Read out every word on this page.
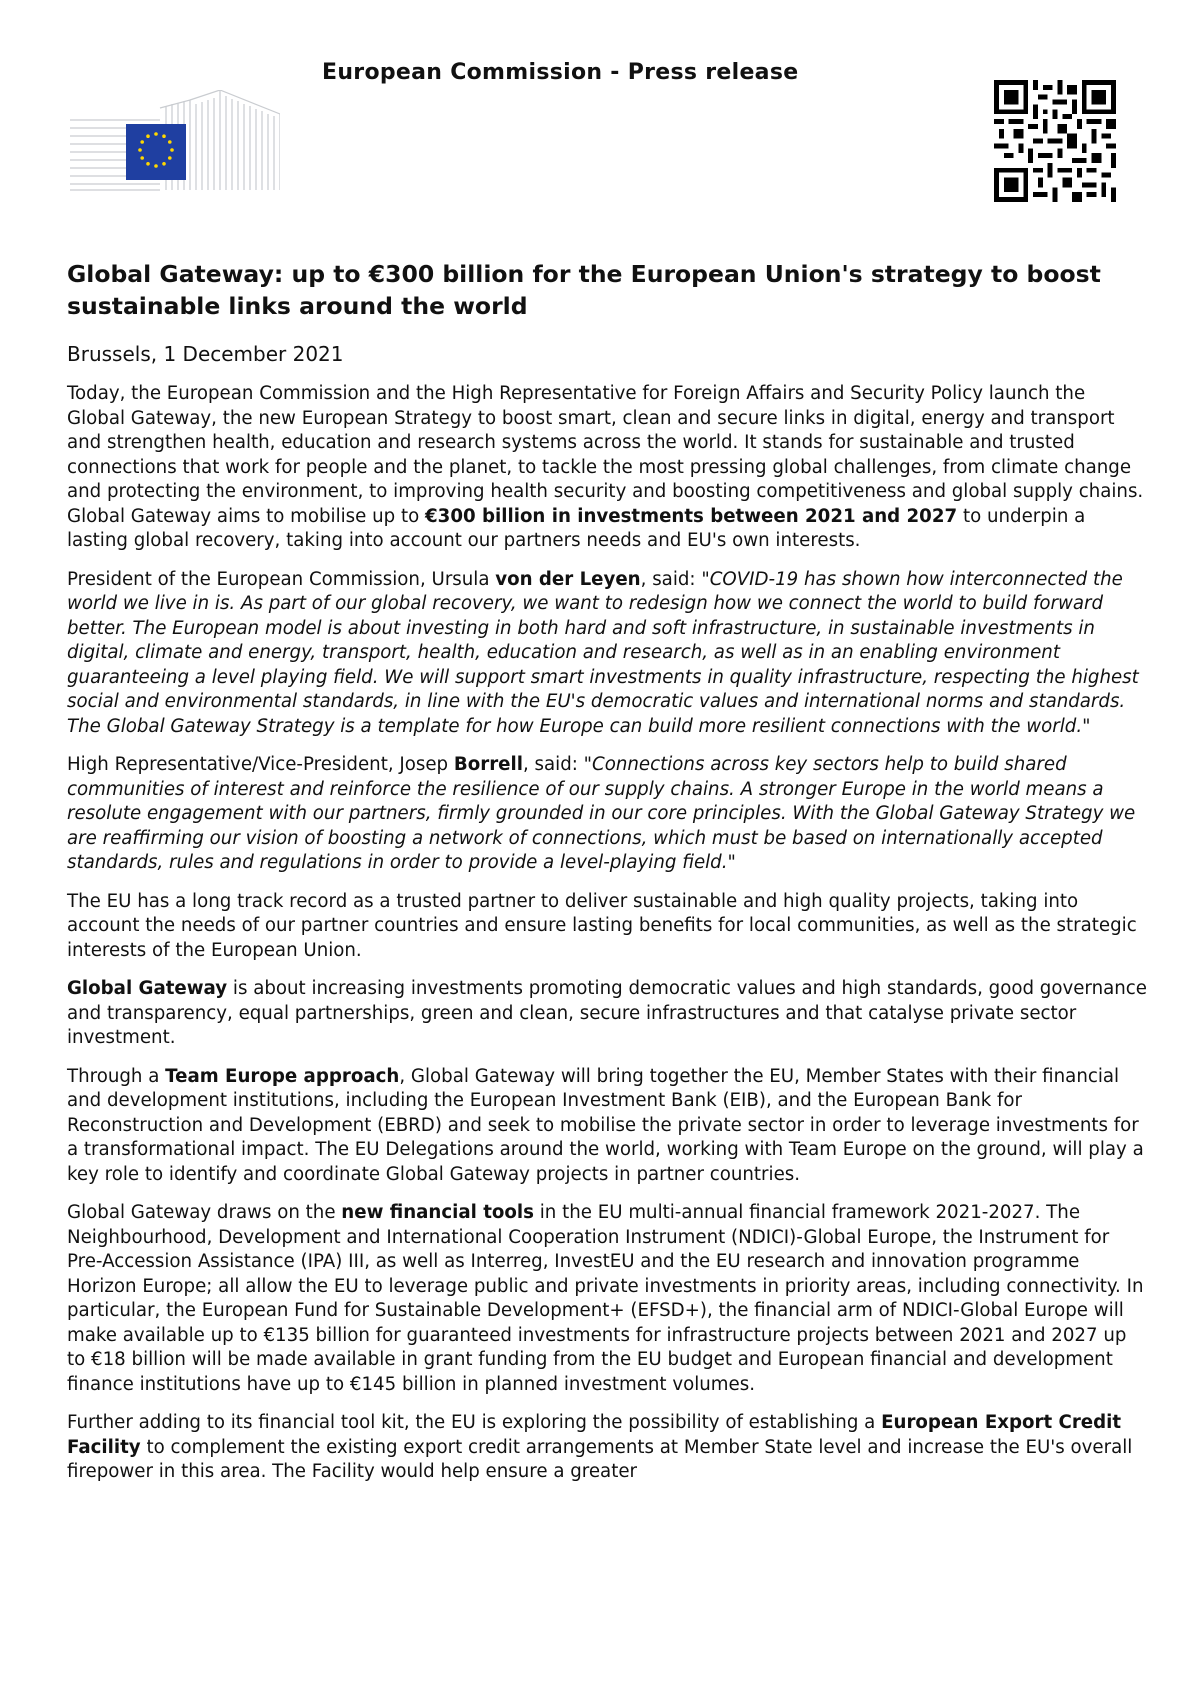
European Commission - Press release
Global Gateway: up to €300 billion for the European Union's strategy to boost sustainable links around the world
Brussels, 1 December 2021

Today, the European Commission and the High Representative for Foreign Affairs and Security Policy launch the Global Gateway, the new European Strategy to boost smart, clean and secure links in digital, energy and transport and strengthen health, education and research systems across the world. It stands for sustainable and trusted connections that work for people and the planet, to tackle the most pressing global challenges, from climate change and protecting the environment, to improving health security and boosting competitiveness and global supply chains. Global Gateway aims to mobilise up to €300 billion in investments between 2021 and 2027 to underpin a lasting global recovery, taking into account our partners needs and EU's own interests.

President of the European Commission, Ursula von der Leyen, said: "COVID-19 has shown how interconnected the world we live in is. As part of our global recovery, we want to redesign how we connect the world to build forward better. The European model is about investing in both hard and soft infrastructure, in sustainable investments in digital, climate and energy, transport, health, education and research, as well as in an enabling environment guaranteeing a level playing field. We will support smart investments in quality infrastructure, respecting the highest social and environmental standards, in line with the EU's democratic values and international norms and standards. The Global Gateway Strategy is a template for how Europe can build more resilient connections with the world."

High Representative/Vice-President, Josep Borrell, said: "Connections across key sectors help to build shared communities of interest and reinforce the resilience of our supply chains. A stronger Europe in the world means a resolute engagement with our partners, firmly grounded in our core principles. With the Global Gateway Strategy we are reaffirming our vision of boosting a network of connections, which must be based on internationally accepted standards, rules and regulations in order to provide a level-playing field."

The EU has a long track record as a trusted partner to deliver sustainable and high quality projects, taking into account the needs of our partner countries and ensure lasting benefits for local communities, as well as the strategic interests of the European Union.

Global Gateway is about increasing investments promoting democratic values and high standards, good governance and transparency, equal partnerships, green and clean, secure infrastructures and that catalyse private sector investment.

Through a Team Europe approach, Global Gateway will bring together the EU, Member States with their financial and development institutions, including the European Investment Bank (EIB), and the European Bank for Reconstruction and Development (EBRD) and seek to mobilise the private sector in order to leverage investments for a transformational impact. The EU Delegations around the world, working with Team Europe on the ground, will play a key role to identify and coordinate Global Gateway projects in partner countries.

Global Gateway draws on the new financial tools in the EU multi-annual financial framework 2021-2027. The Neighbourhood, Development and International Cooperation Instrument (NDICI)-Global Europe, the Instrument for Pre-Accession Assistance (IPA) III, as well as Interreg, InvestEU and the EU research and innovation programme Horizon Europe; all allow the EU to leverage public and private investments in priority areas, including connectivity. In particular, the European Fund for Sustainable Development+ (EFSD+), the financial arm of NDICI-Global Europe will make available up to €135 billion for guaranteed investments for infrastructure projects between 2021 and 2027 up to €18 billion will be made available in grant funding from the EU budget and European financial and development finance institutions have up to €145 billion in planned investment volumes.

Further adding to its financial tool kit, the EU is exploring the possibility of establishing a European Export Credit Facility to complement the existing export credit arrangements at Member State level and increase the EU's overall firepower in this area. The Facility would help ensure a greater
